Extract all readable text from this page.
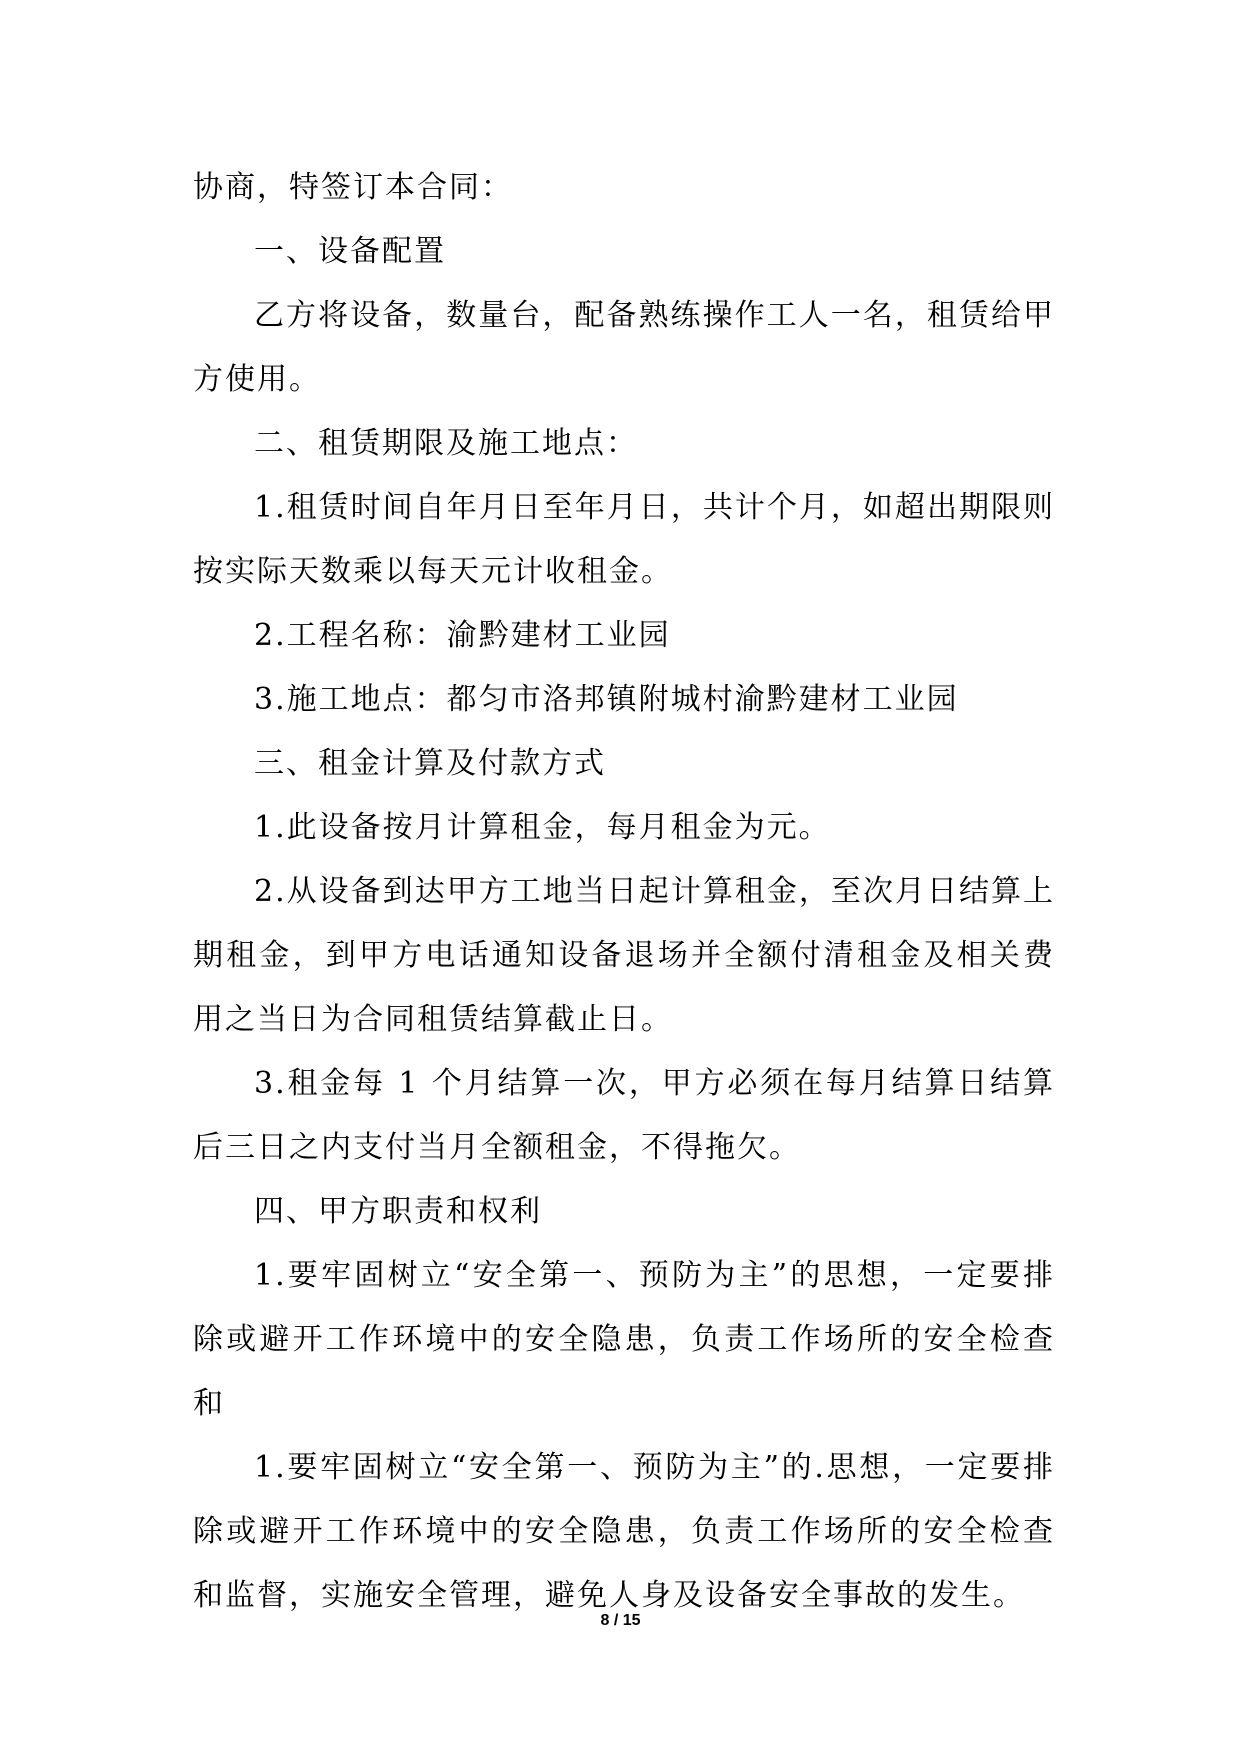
协商，特签订本合同：

一、设备配置

乙方将设备，数量台，配备熟练操作工人一名，租赁给甲方使用。

二、租赁期限及施工地点：

1.租赁时间自年月日至年月日，共计个月，如超出期限则按实际天数乘以每天元计收租金。

2.工程名称：渝黔建材工业园

3.施工地点：都匀市洛邦镇附城村渝黔建材工业园

三、租金计算及付款方式

1.此设备按月计算租金，每月租金为元。

2.从设备到达甲方工地当日起计算租金，至次月日结算上期租金，到甲方电话通知设备退场并全额付清租金及相关费用之当日为合同租赁结算截止日。

3.租金每 1 个月结算一次，甲方必须在每月结算日结算后三日之内支付当月全额租金，不得拖欠。

四、甲方职责和权利

1.要牢固树立“安全第一、预防为主”的思想，一定要排除或避开工作环境中的安全隐患，负责工作场所的安全检查和

1.要牢固树立“安全第一、预防为主”的.思想，一定要排除或避开工作环境中的安全隐患，负责工作场所的安全检查和监督，实施安全管理，避免人身及设备安全事故的发生。

8 / 15
